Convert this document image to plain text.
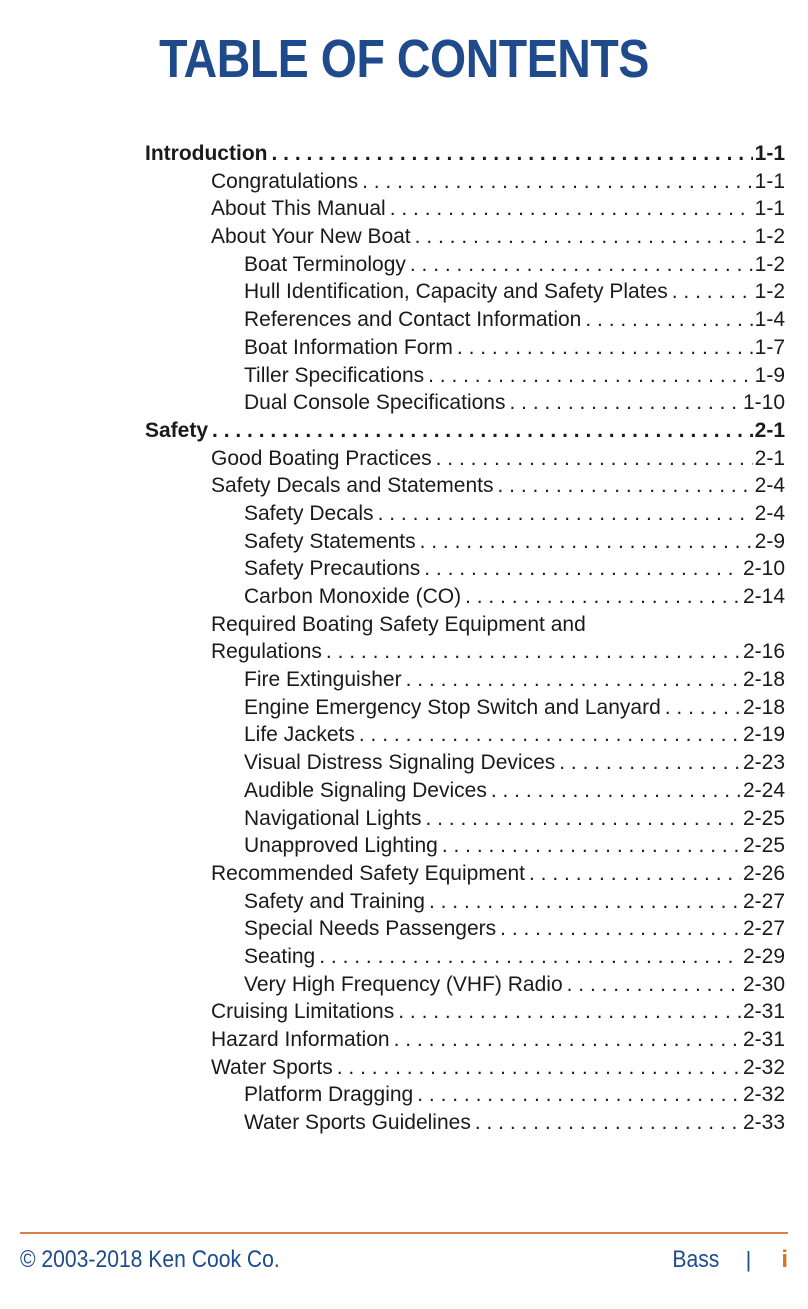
TABLE OF CONTENTS
Introduction . . .	1-1
Congratulations . . .	1-1
About This Manual . . .	1-1
About Your New Boat . . .	1-2
Boat Terminology . . .	1-2
Hull Identification, Capacity and Safety Plates . . .	1-2
References and Contact Information . . .	1-4
Boat Information Form . . .	1-7
Tiller Specifications . . .	1-9
Dual Console Specifications . . .	1-10
Safety . . .	2-1
Good Boating Practices . . .	2-1
Safety Decals and Statements . . .	2-4
Safety Decals . . .	2-4
Safety Statements . . .	2-9
Safety Precautions . . .	2-10
Carbon Monoxide (CO) . . .	2-14
Required Boating Safety Equipment and
Regulations . . .	2-16
Fire Extinguisher . . .	2-18
Engine Emergency Stop Switch and Lanyard . . .	2-18
Life Jackets . . .	2-19
Visual Distress Signaling Devices . . .	2-23
Audible Signaling Devices . . .	2-24
Navigational Lights . . .	2-25
Unapproved Lighting . . .	2-25
Recommended Safety Equipment . . .	2-26
Safety and Training . . .	2-27
Special Needs Passengers . . .	2-27
Seating . . .	2-29
Very High Frequency (VHF) Radio . . .	2-30
Cruising Limitations . . .	2-31
Hazard Information . . .	2-31
Water Sports . . .	2-32
Platform Dragging . . .	2-32
Water Sports Guidelines . . .	2-33
© 2003-2018 Ken Cook Co.	Bass | i
